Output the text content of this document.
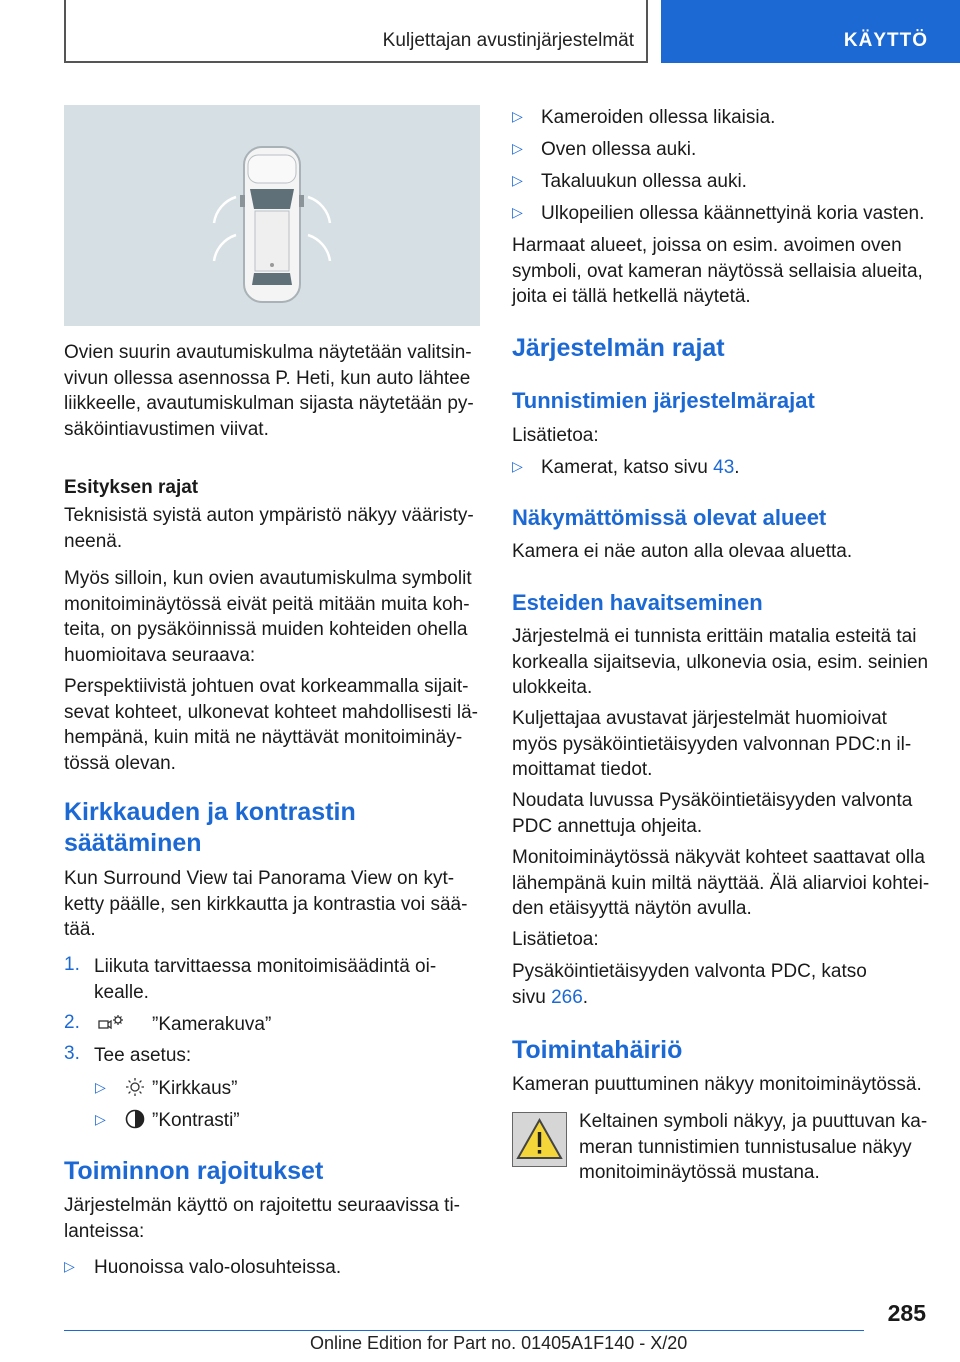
Kuljettajan avustinjärjestelmät	KÄYTTÖ
Ovien suurin avautumiskulma näytetään valitsin-
vivun ollessa asennossa P. Heti, kun auto lähtee
liikkeelle, avautumiskulman sijasta näytetään py-
säköintiavustimen viivat.
Esityksen rajat
Teknisistä syistä auton ympäristö näkyy vääristy-
neenä.
Myös silloin, kun ovien avautumiskulma symbolit
monitoiminäytössä eivät peitä mitään muita koh-
teita, on pysäköinnissä muiden kohteiden ohella
huomioitava seuraava:
Perspektiivistä johtuen ovat korkeammalla sijait-
sevat kohteet, ulkonevat kohteet mahdollisesti lä-
hempänä, kuin mitä ne näyttävät monitoiminäy-
tössä olevan.
Kirkkauden ja kontrastin
säätäminen
Kun Surround View tai Panorama View on kyt-
ketty päälle, sen kirkkautta ja kontrastia voi sää-
tää.
1. Liikuta tarvittaessa monitoimisäädintä oi-
kealle.
2.	”Kamerakuva”
3. Tee asetus:
▷ ”Kirkkaus”
▷ ”Kontrasti”
Toiminnon rajoitukset
Järjestelmän käyttö on rajoitettu seuraavissa ti-
lanteissa:
▷ Huonoissa valo-olosuhteissa.
▷ Kameroiden ollessa likaisia.
▷ Oven ollessa auki.
▷ Takaluukun ollessa auki.
▷ Ulkopeilien ollessa käännettyinä koria vasten.
Harmaat alueet, joissa on esim. avoimen oven
symboli, ovat kameran näytössä sellaisia alueita,
joita ei tällä hetkellä näytetä.
Järjestelmän rajat
Tunnistimien järjestelmärajat
Lisätietoa:
▷ Kamerat, katso sivu 43.
Näkymättömissä olevat alueet
Kamera ei näe auton alla olevaa aluetta.
Esteiden havaitseminen
Järjestelmä ei tunnista erittäin matalia esteitä tai
korkealla sijaitsevia, ulkonevia osia, esim. seinien
ulokkeita.
Kuljettajaa avustavat järjestelmät huomioivat
myös pysäköintietäisyyden valvonnan PDC:n il-
moittamat tiedot.
Noudata luvussa Pysäköintietäisyyden valvonta
PDC annettuja ohjeita.
Monitoiminäytössä näkyvät kohteet saattavat olla
lähempänä kuin miltä näyttää. Älä aliarvioi kohtei-
den etäisyyttä näytön avulla.
Lisätietoa:
Pysäköintietäisyyden valvonta PDC, katso
sivu 266.
Toimintahäiriö
Kameran puuttuminen näkyy monitoiminäytössä.
Keltainen symboli näkyy, ja puuttuvan ka-
meran tunnistimien tunnistusalue näkyy
monitoiminäytössä mustana.
285
Online Edition for Part no. 01405A1F140 - X/20
